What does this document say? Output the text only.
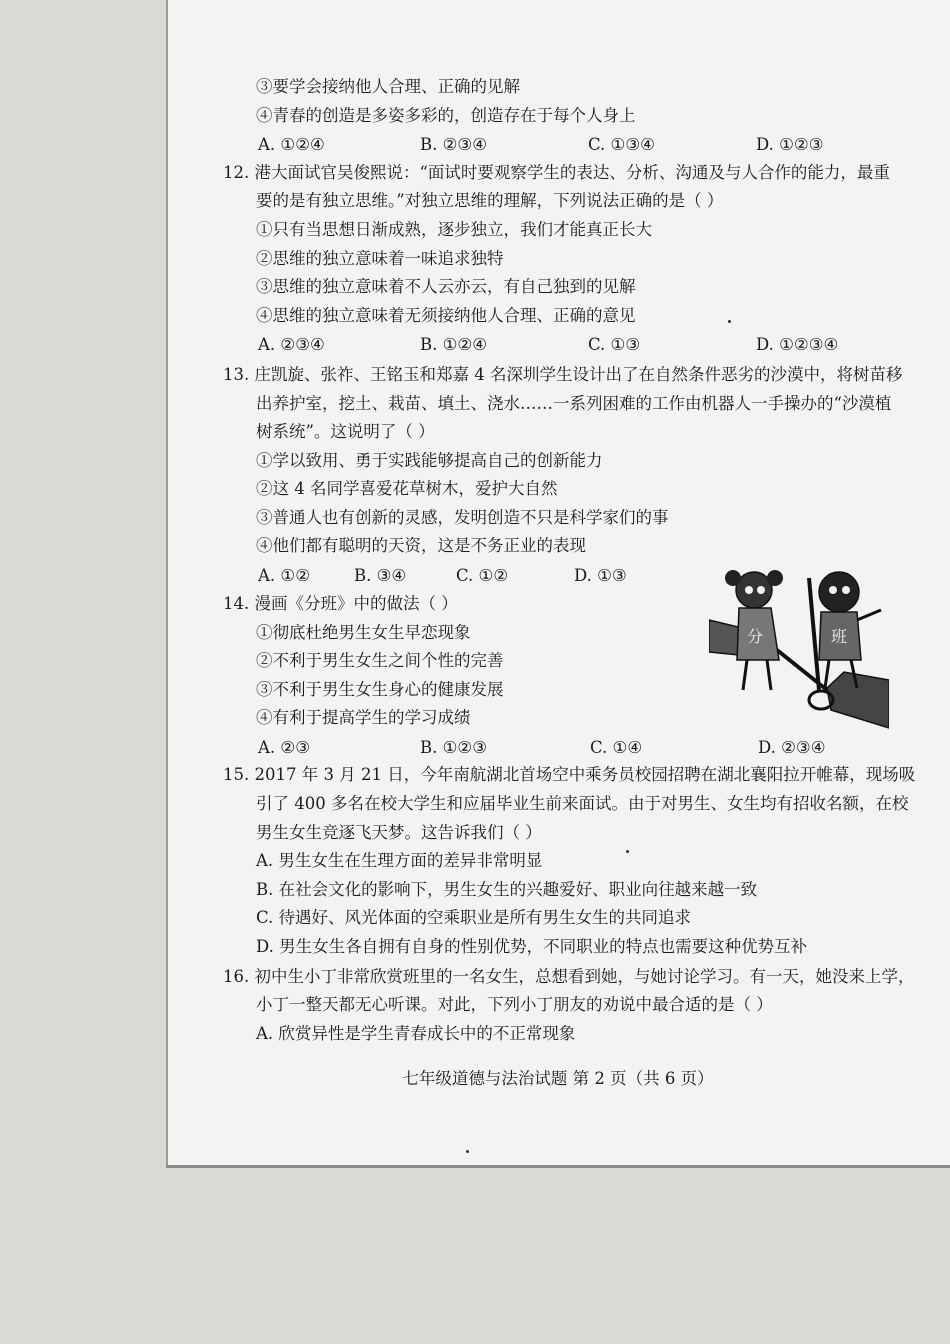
③要学会接纳他人合理、正确的见解
④青春的创造是多姿多彩的，创造存在于每个人身上
A. ①②④	B. ②③④	C. ①③④	D. ①②③
12. 港大面试官吴俊熙说：“面试时要观察学生的表达、分析、沟通及与人合作的能力，最重
要的是有独立思维。”对独立思维的理解，下列说法正确的是（ ）
①只有当思想日渐成熟，逐步独立，我们才能真正长大
②思维的独立意味着一味追求独特
③思维的独立意味着不人云亦云，有自己独到的见解
④思维的独立意味着无须接纳他人合理、正确的意见
A. ②③④	B. ①②④	C. ①③	D. ①②③④
13. 庄凯旋、张祚、王铭玉和郑嘉 4 名深圳学生设计出了在自然条件恶劣的沙漠中，将树苗移
出养护室，挖土、栽苗、填土、浇水……一系列困难的工作由机器人一手操办的“沙漠植
树系统”。这说明了（ ）
①学以致用、勇于实践能够提高自己的创新能力
②这 4 名同学喜爱花草树木，爱护大自然
③普通人也有创新的灵感，发明创造不只是科学家们的事
④他们都有聪明的天资，这是不务正业的表现
A. ①②	B. ③④	C. ①②	D. ①③
14. 漫画《分班》中的做法（ ）
①彻底杜绝男生女生早恋现象
②不利于男生女生之间个性的完善
③不利于男生女生身心的健康发展
④有利于提高学生的学习成绩
A. ②③	B. ①②③	C. ①④	D. ②③④
分	班
15. 2017 年 3 月 21 日，今年南航湖北首场空中乘务员校园招聘在湖北襄阳拉开帷幕，现场吸
引了 400 多名在校大学生和应届毕业生前来面试。由于对男生、女生均有招收名额，在校
男生女生竞逐飞天梦。这告诉我们（ ）
A. 男生女生在生理方面的差异非常明显
B. 在社会文化的影响下，男生女生的兴趣爱好、职业向往越来越一致
C. 待遇好、风光体面的空乘职业是所有男生女生的共同追求
D. 男生女生各自拥有自身的性别优势，不同职业的特点也需要这种优势互补
16. 初中生小丁非常欣赏班里的一名女生，总想看到她，与她讨论学习。有一天，她没来上学，
小丁一整天都无心听课。对此，下列小丁朋友的劝说中最合适的是（ ）
A. 欣赏异性是学生青春成长中的不正常现象
七年级道德与法治试题 第 2 页（共 6 页）
